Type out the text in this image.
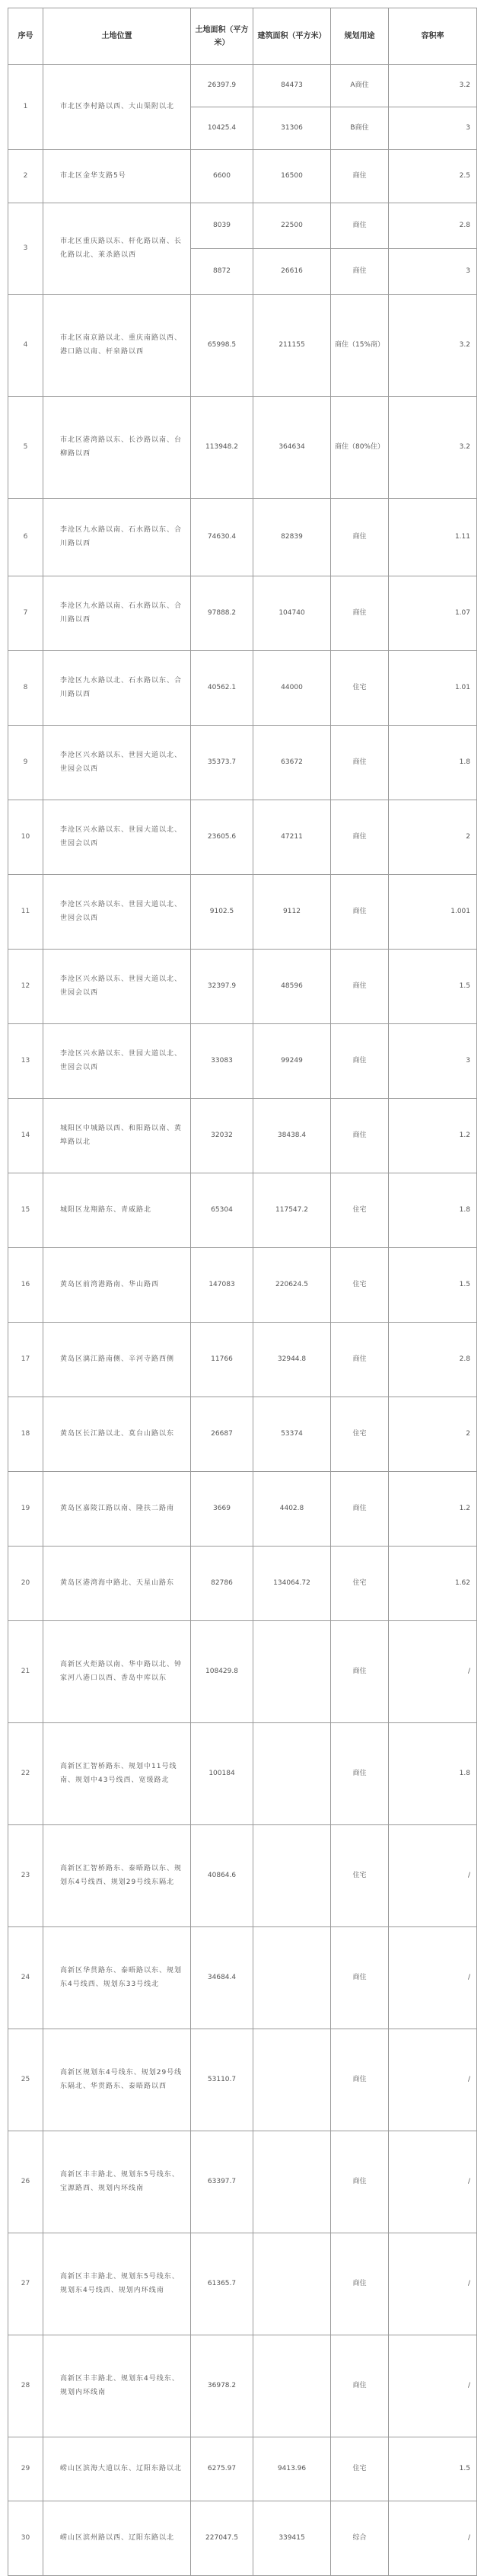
序号	土地位置	土地面积（平方米）	建筑面积（平方米）	规划用途	容积率
1	市北区李村路以西、大山渠附以北	26397.9	84473	A商住	3.2
		10425.4	31306	B商住	3
2	市北区金华支路5号	6600	16500	商住	2.5
3	市北区重庆路以东、杆化路以南、长化路以北、莱杀路以西	8039	22500	商住	2.8
		8872	26616	商住	3
4	市北区南京路以北、重庆南路以西、港口路以南、杆泉路以西	65998.5	211155	商住（15%商）	3.2
5	市北区港湾路以东、长沙路以南、台柳路以西	113948.2	364634	商住（80%住）	3.2
6	李沧区九水路以南、石水路以东、合川路以西	74630.4	82839	商住	1.11
7	李沧区九水路以南、石水路以东、合川路以西	97888.2	104740	商住	1.07
8	李沧区九水路以北、石水路以东、合川路以西	40562.1	44000	住宅	1.01
9	李沧区兴水路以东、世园大道以北、世园会以西	35373.7	63672	商住	1.8
10	李沧区兴水路以东、世园大道以北、世园会以西	23605.6	47211	商住	2
11	李沧区兴水路以东、世园大道以北、世园会以西	9102.5	9112	商住	1.001
12	李沧区兴水路以东、世园大道以北、世园会以西	32397.9	48596	商住	1.5
13	李沧区兴水路以东、世园大道以北、世园会以西	33083	99249	商住	3
14	城阳区中城路以西、和阳路以南、黄埠路以北	32032	38438.4	商住	1.2
15	城阳区龙翔路东、青威路北	65304	117547.2	住宅	1.8
16	黄岛区前湾港路南、华山路西	147083	220624.5	住宅	1.5
17	黄岛区漓江路南侧、辛河寺路西侧	11766	32944.8	商住	2.8
18	黄岛区长江路以北、莫台山路以东	26687	53374	住宅	2
19	黄岛区嘉陵江路以南、隆扶二路南	3669	4402.8	商住	1.2
20	黄岛区港湾海中路北、天星山路东	82786	134064.72	住宅	1.62
21	高新区火炬路以南、华中路以北、钟家河八港口以西、香岛中库以东	108429.8		商住	/
22	高新区汇智桥路东、规划中11号线南、规划中43号线西、宽缓路北	100184		商住	1.8
23	高新区汇智桥路东、泰晤路以东、规划东4号线西、规划29号线东隔北	40864.6		住宅	/
24	高新区华贯路东、泰晤路以东、规划东4号线西、规划东33号线北	34684.4		商住	/
25	高新区规划东4号线东、规划29号线东隔北、华贯路东、泰晤路以西	53110.7		商住	/
26	高新区丰丰路北、规划东5号线东、宝源路西、规划内环线南	63397.7		商住	/
27	高新区丰丰路北、规划东5号线东、规划东4号线西、规划内环线南	61365.7		商住	/
28	高新区丰丰路北、规划东4号线东、规划内环线南	36978.2		商住	/
29	崂山区滨海大道以东、辽阳东路以北	6275.97	9413.96	住宅	1.5
30	崂山区滨州路以西、辽阳东路以北	227047.5	339415	综合	/
